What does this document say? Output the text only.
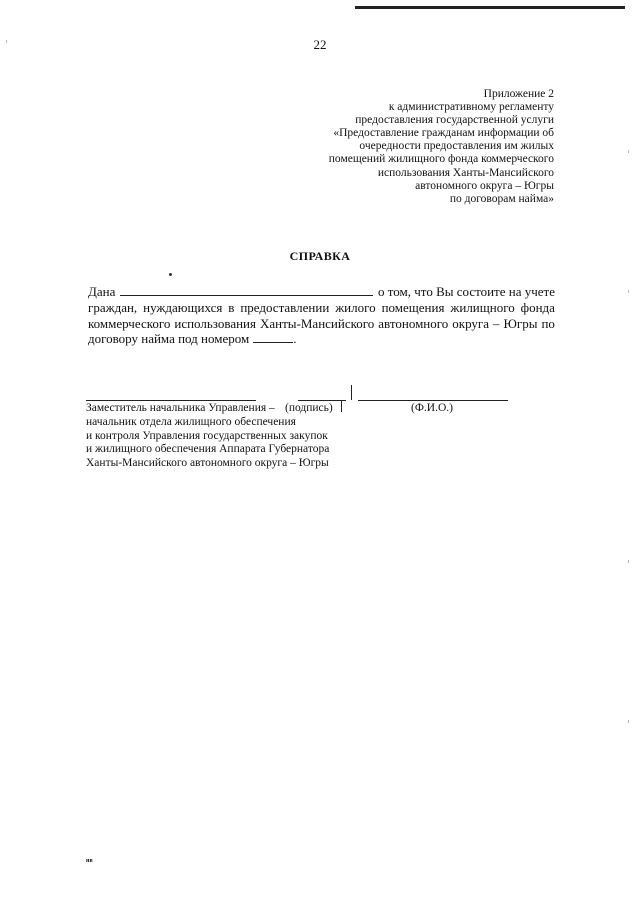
22
Приложение 2
к административному регламенту
предоставления государственной услуги
«Предоставление гражданам информации об
очередности предоставления им жилых
помещений жилищного фонда коммерческого
использования Ханты-Мансийского
автономного округа – Югры
по договорам найма»
СПРАВКА
Дана	о том, что Вы состоите на учете
граждан, нуждающихся в предоставлении жилого помещения жилищного фонда
коммерческого использования Ханты-Мансийского автономного округа – Югры по
договору найма под номером	.
Заместитель начальника Управления – (подпись)	(Ф.И.О.)
начальник отдела жилищного обеспечения
и контроля Управления государственных закупок
и жилищного обеспечения Аппарата Губернатора
Ханты-Мансийского автономного округа – Югры
нв
